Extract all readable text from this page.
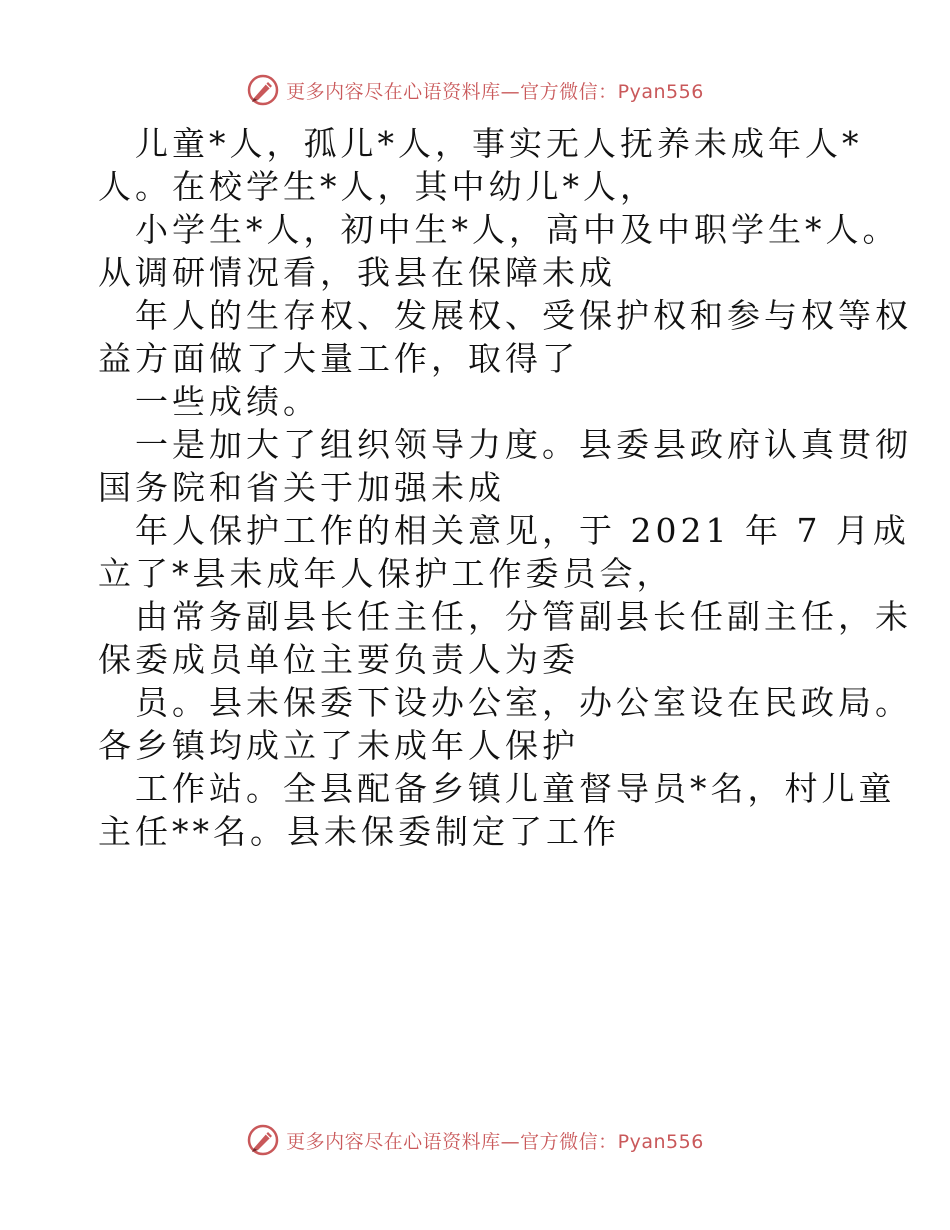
更多内容尽在心语资料库—官方微信：Pyan556
儿童*人，孤儿*人，事实无人抚养未成年人*
人。在校学生*人，其中幼儿*人，
小学生*人，初中生*人，高中及中职学生*人。
从调研情况看，我县在保障未成
年人的生存权、发展权、受保护权和参与权等权
益方面做了大量工作，取得了
一些成绩。
一是加大了组织领导力度。县委县政府认真贯彻
国务院和省关于加强未成
年人保护工作的相关意见，于 2021 年 7 月成
立了*县未成年人保护工作委员会，
由常务副县长任主任，分管副县长任副主任，未
保委成员单位主要负责人为委
员。县未保委下设办公室，办公室设在民政局。
各乡镇均成立了未成年人保护
工作站。全县配备乡镇儿童督导员*名，村儿童
主任**名。县未保委制定了工作
更多内容尽在心语资料库—官方微信：Pyan556
